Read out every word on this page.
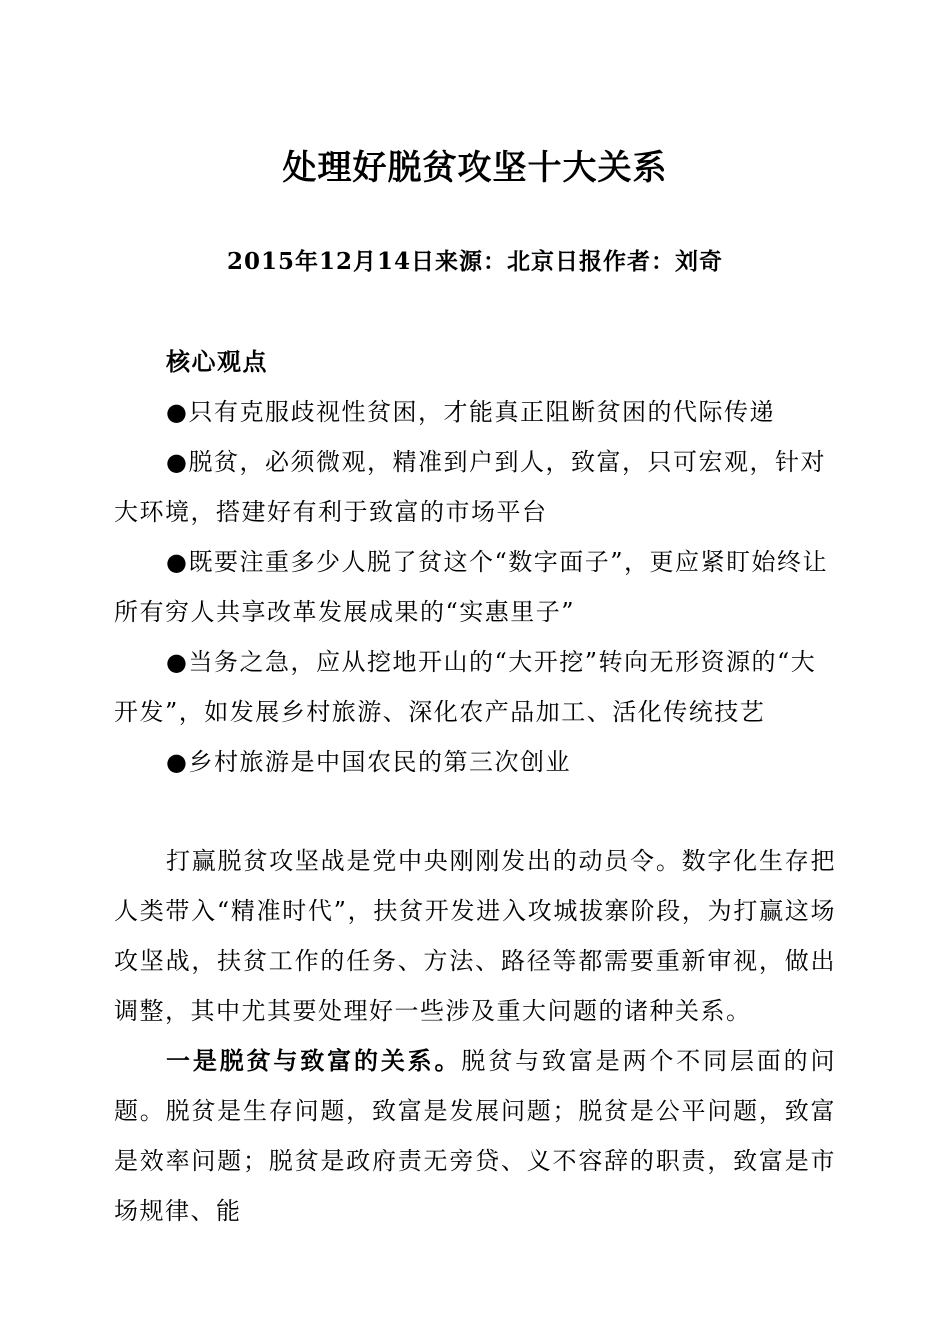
处理好脱贫攻坚十大关系

2015年12月14日来源：北京日报作者：刘奇

核心观点

●只有克服歧视性贫困，才能真正阻断贫困的代际传递

●脱贫，必须微观，精准到户到人，致富，只可宏观，针对大环境，搭建好有利于致富的市场平台

●既要注重多少人脱了贫这个“数字面子”，更应紧盯始终让所有穷人共享改革发展成果的“实惠里子”

●当务之急，应从挖地开山的“大开挖”转向无形资源的“大开发”，如发展乡村旅游、深化农产品加工、活化传统技艺

●乡村旅游是中国农民的第三次创业

打赢脱贫攻坚战是党中央刚刚发出的动员令。数字化生存把人类带入“精准时代”，扶贫开发进入攻城拔寨阶段，为打赢这场攻坚战，扶贫工作的任务、方法、路径等都需要重新审视，做出调整，其中尤其要处理好一些涉及重大问题的诸种关系。

一是脱贫与致富的关系。脱贫与致富是两个不同层面的问题。脱贫是生存问题，致富是发展问题；脱贫是公平问题，致富是效率问题；脱贫是政府责无旁贷、义不容辞的职责，致富是市场规律、能
